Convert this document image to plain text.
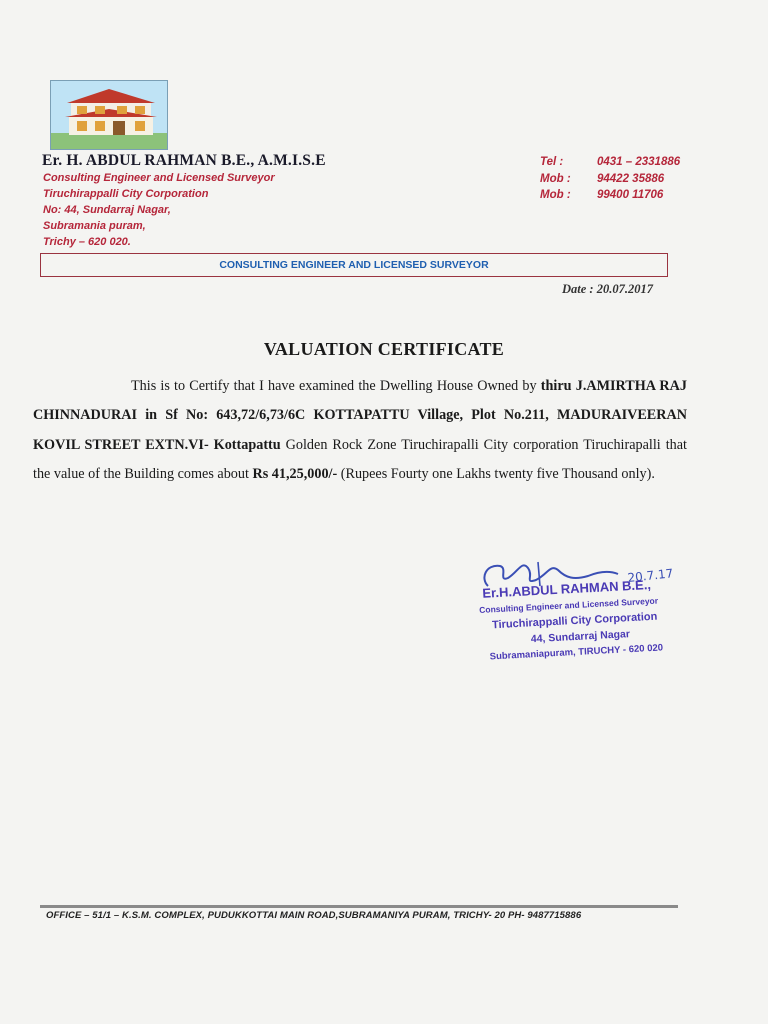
Er. H. ABDUL RAHMAN B.E., A.M.I.S.E
Consulting Engineer and Licensed Surveyor
Tiruchirappalli City Corporation
No: 44, Sundarraj Nagar,
Subramania puram,
Trichy – 620 020.
Tel :	0431 – 2331886
Mob :	94422 35886
Mob :	99400 11706
CONSULTING ENGINEER AND LICENSED SURVEYOR
Date : 20.07.2017
VALUATION CERTIFICATE
This is to Certify that I have examined the Dwelling House Owned by thiru J.AMIRTHA RAJ CHINNADURAI in Sf No: 643,72/6,73/6C KOTTAPATTU Village, Plot No.211, MADURAIVEERAN KOVIL STREET EXTN.VI- Kottapattu Golden Rock Zone Tiruchirapalli City corporation Tiruchirapalli that the value of the Building comes about Rs 41,25,000/- (Rupees Fourty one Lakhs twenty five Thousand only).
20.7.17
Er.H.ABDUL RAHMAN B.E.,
Consulting Engineer and Licensed Surveyor
Tiruchirappalli City Corporation
44, Sundarraj Nagar
Subramaniapuram, TIRUCHY - 620 020
OFFICE – 51/1 – K.S.M. COMPLEX, PUDUKKOTTAI MAIN ROAD,SUBRAMANIYA PURAM, TRICHY- 20 PH- 9487715886
